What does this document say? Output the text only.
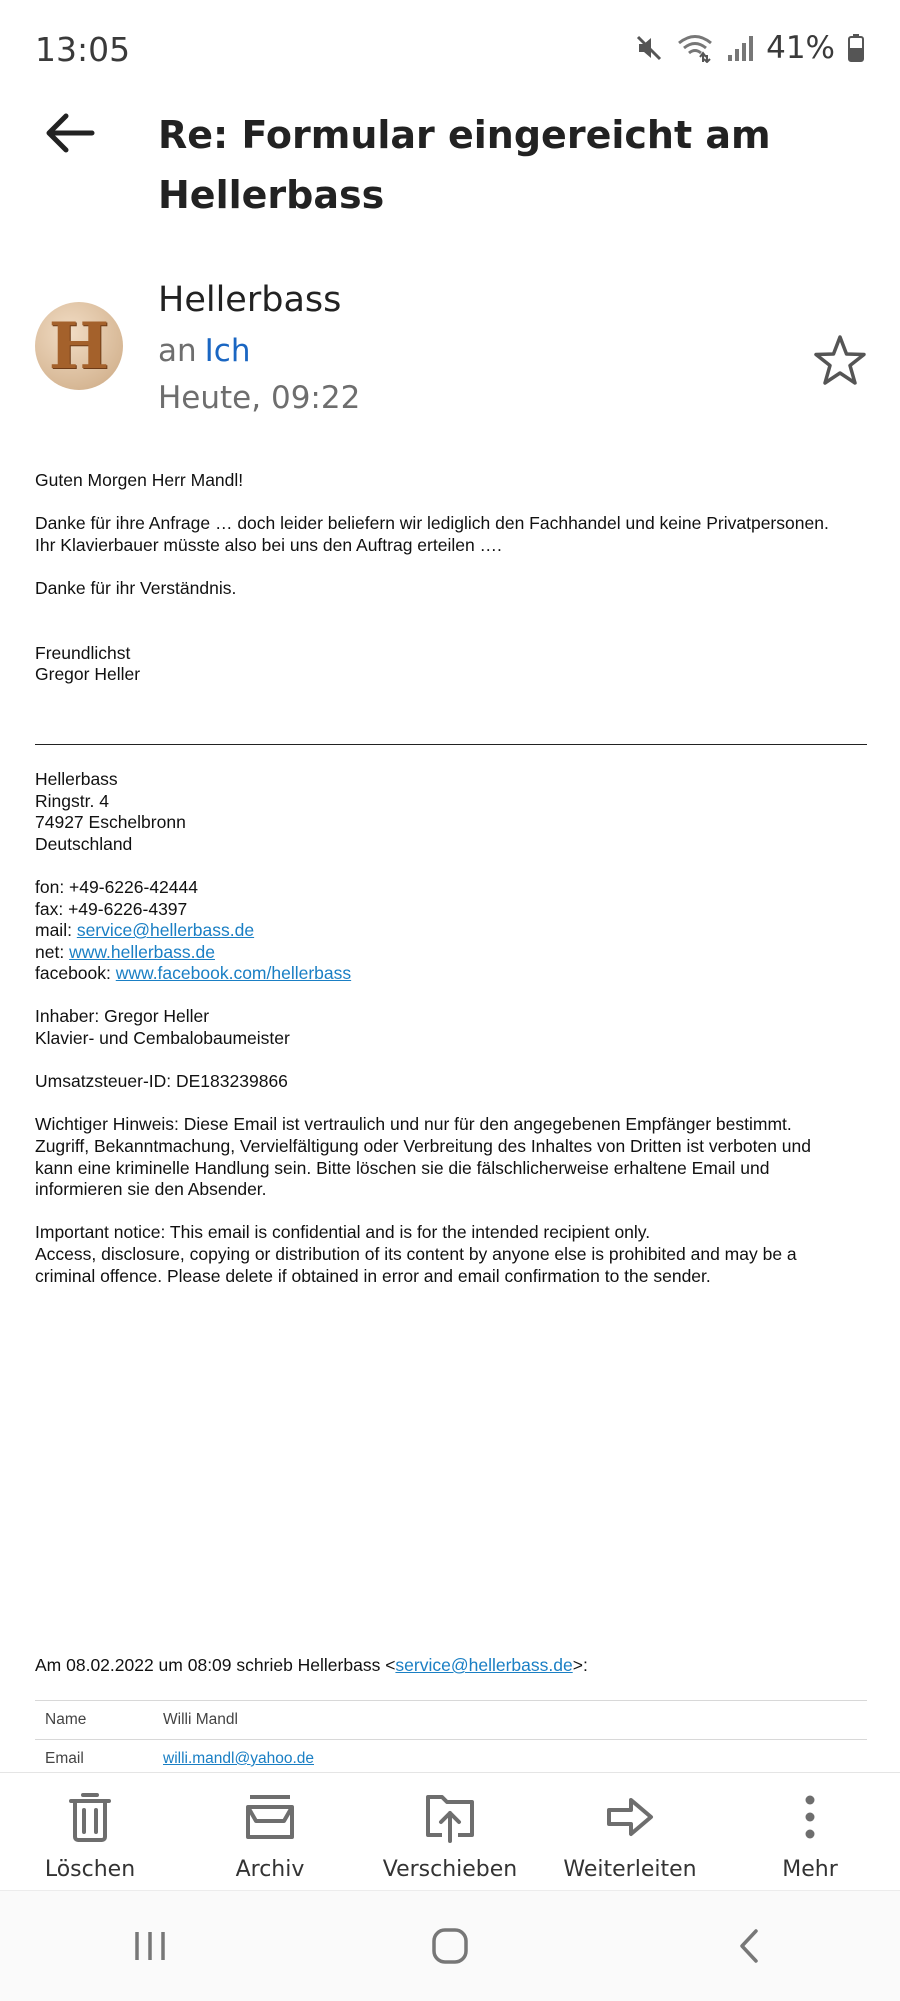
13:05	41%
Re: Formular eingereicht am Hellerbass
H
Hellerbass
an Ich
Heute, 09:22

Guten Morgen Herr Mandl!

Danke für ihre Anfrage … doch leider beliefern wir lediglich den Fachhandel und keine Privatpersonen.

Ihr Klavierbauer müsste also bei uns den Auftrag erteilen ….

Danke für ihr Verständnis.

Freundlichst

Gregor Heller

Hellerbass

Ringstr. 4

74927 Eschelbronn

Deutschland

fon: +49-6226-42444

fax: +49-6226-4397

mail: service@hellerbass.de

net: www.hellerbass.de

facebook: www.facebook.com/hellerbass

Inhaber: Gregor Heller

Klavier- und Cembalobaumeister

Umsatzsteuer-ID: DE183239866

Wichtiger Hinweis: Diese Email ist vertraulich und nur für den angegebenen Empfänger bestimmt.

Zugriff, Bekanntmachung, Vervielfältigung oder Verbreitung des Inhaltes von Dritten ist verboten und

kann eine kriminelle Handlung sein. Bitte löschen sie die fälschlicherweise erhaltene Email und

informieren sie den Absender.

Important notice: This email is confidential and is for the intended recipient only.

Access, disclosure, copying or distribution of its content by anyone else is prohibited and may be a

criminal offence. Please delete if obtained in error and email confirmation to the sender.

Am 08.02.2022 um 08:09 schrieb Hellerbass <service@hellerbass.de>:
Name	Willi Mandl
Email	willi.mandl@yahoo.de
Löschen	Archiv	Verschieben Weiterleiten	Mehr
